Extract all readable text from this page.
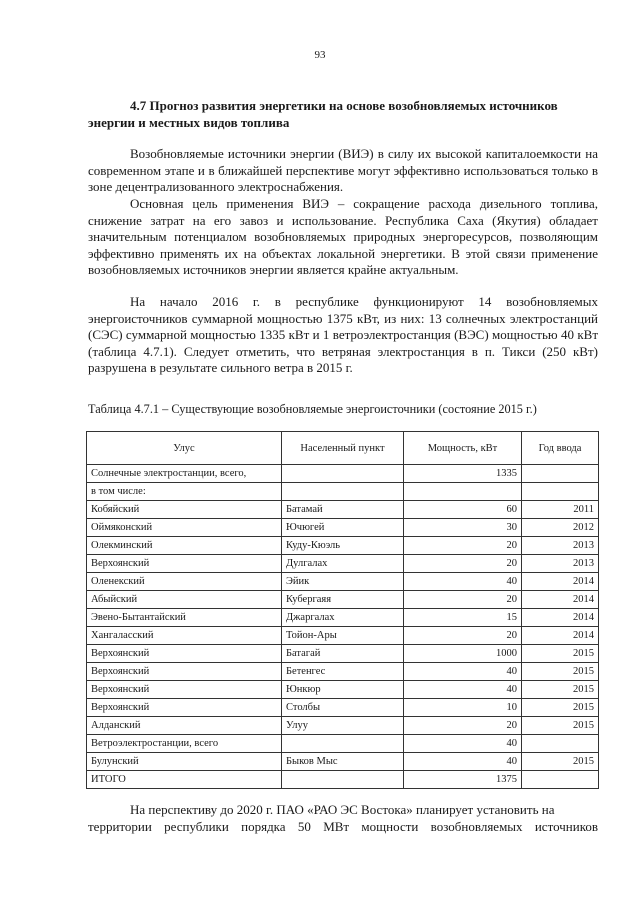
93
4.7 Прогноз развития энергетики на основе возобновляемых источников энергии и местных видов топлива
Возобновляемые источники энергии (ВИЭ) в силу их высокой капиталоемкости на современном этапе и в ближайшей перспективе могут эффективно использоваться только в зоне децентрализованного электроснабжения.
Основная цель применения ВИЭ – сокращение расхода дизельного топлива, снижение затрат на его завоз и использование. Республика Саха (Якутия) обладает значительным потенциалом возобновляемых природных энергоресурсов, позволяющим эффективно применять их на объектах локальной энергетики. В этой связи применение возобновляемых источников энергии является крайне актуальным.
На начало 2016 г. в республике функционируют 14 возобновляемых энергоисточников суммарной мощностью 1375 кВт, из них: 13 солнечных электростанций (СЭС) суммарной мощностью 1335 кВт и 1 ветроэлектростанция (ВЭС) мощностью 40 кВт (таблица 4.7.1). Следует отметить, что ветряная электростанция в п. Тикси (250 кВт) разрушена в результате сильного ветра в 2015 г.
Таблица 4.7.1 – Существующие возобновляемые энергоисточники (состояние 2015 г.)
Улус	Населенный пункт	Мощность, кВт	Год ввода
Солнечные электростанции, всего,		1335	
в том числе:			
Кобяйский	Батамай	60	2011
Оймяконский	Ючюгей	30	2012
Олекминский	Куду-Кюэль	20	2013
Верхоянский	Дулгалах	20	2013
Оленекский	Эйик	40	2014
Абыйский	Кубергаяя	20	2014
Эвено-Бытантайский	Джаргалах	15	2014
Хангаласский	Тойон-Ары	20	2014
Верхоянский	Батагай	1000	2015
Верхоянский	Бетенгес	40	2015
Верхоянский	Юнкюр	40	2015
Верхоянский	Столбы	10	2015
Алданский	Улуу	20	2015
Ветроэлектростанции, всего		40	
Булунский	Быков Мыс	40	2015
ИТОГО		1375	
На перспективу до 2020 г. ПАО «РАО ЭС Востока» планирует установить на
территории республики порядка 50 МВт мощности возобновляемых источников
